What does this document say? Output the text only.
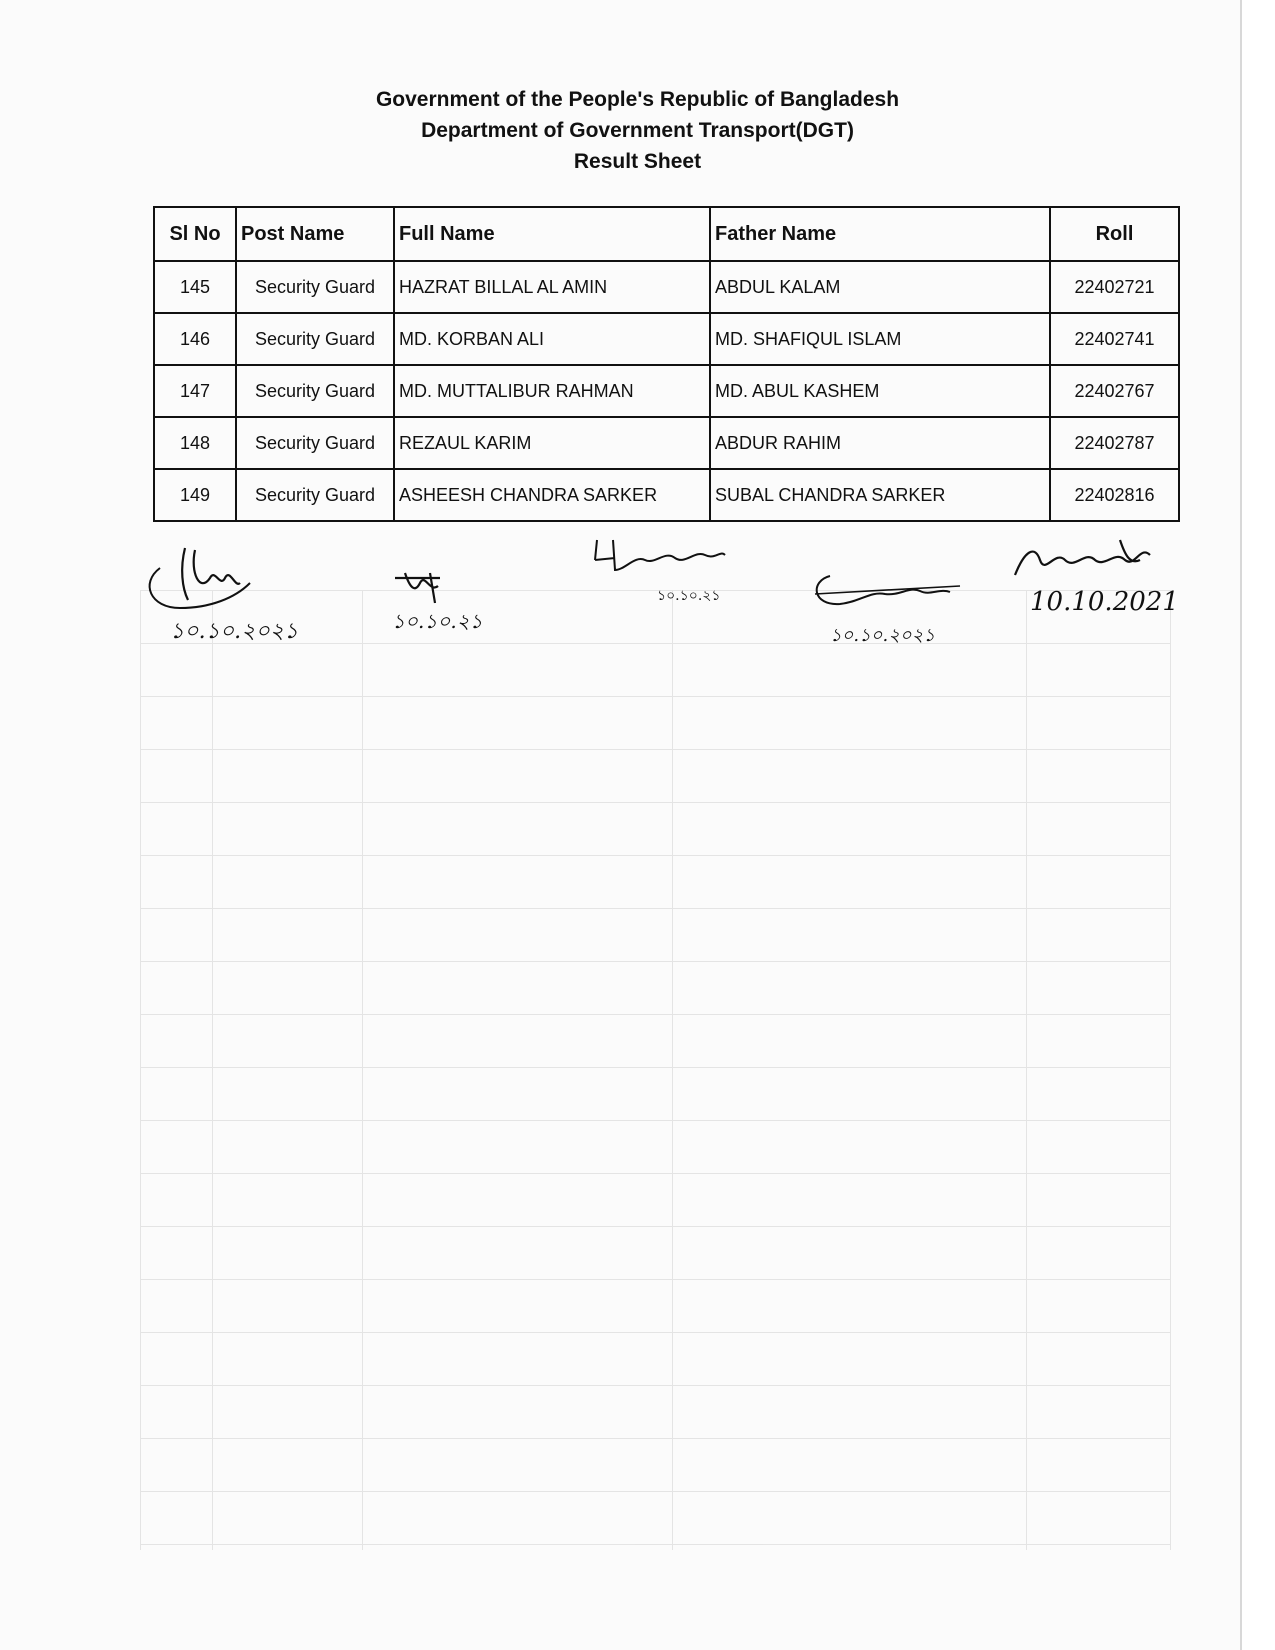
Government of the People's Republic of Bangladesh
Department of Government Transport(DGT)
Result Sheet
Sl No	Post Name	Full Name	Father Name	Roll
145	Security Guard	HAZRAT BILLAL AL AMIN	ABDUL KALAM	22402721
146	Security Guard	MD. KORBAN ALI	MD. SHAFIQUL ISLAM	22402741
147	Security Guard	MD. MUTTALIBUR RAHMAN	MD. ABUL KASHEM	22402767
148	Security Guard	REZAUL KARIM	ABDUR RAHIM	22402787
149	Security Guard	ASHEESH CHANDRA SARKER	SUBAL CHANDRA SARKER	22402816
১০.১০.২০২১	১০.১০.২১
১০.১০.২১
১০.১০.২০২১
10.10.2021
